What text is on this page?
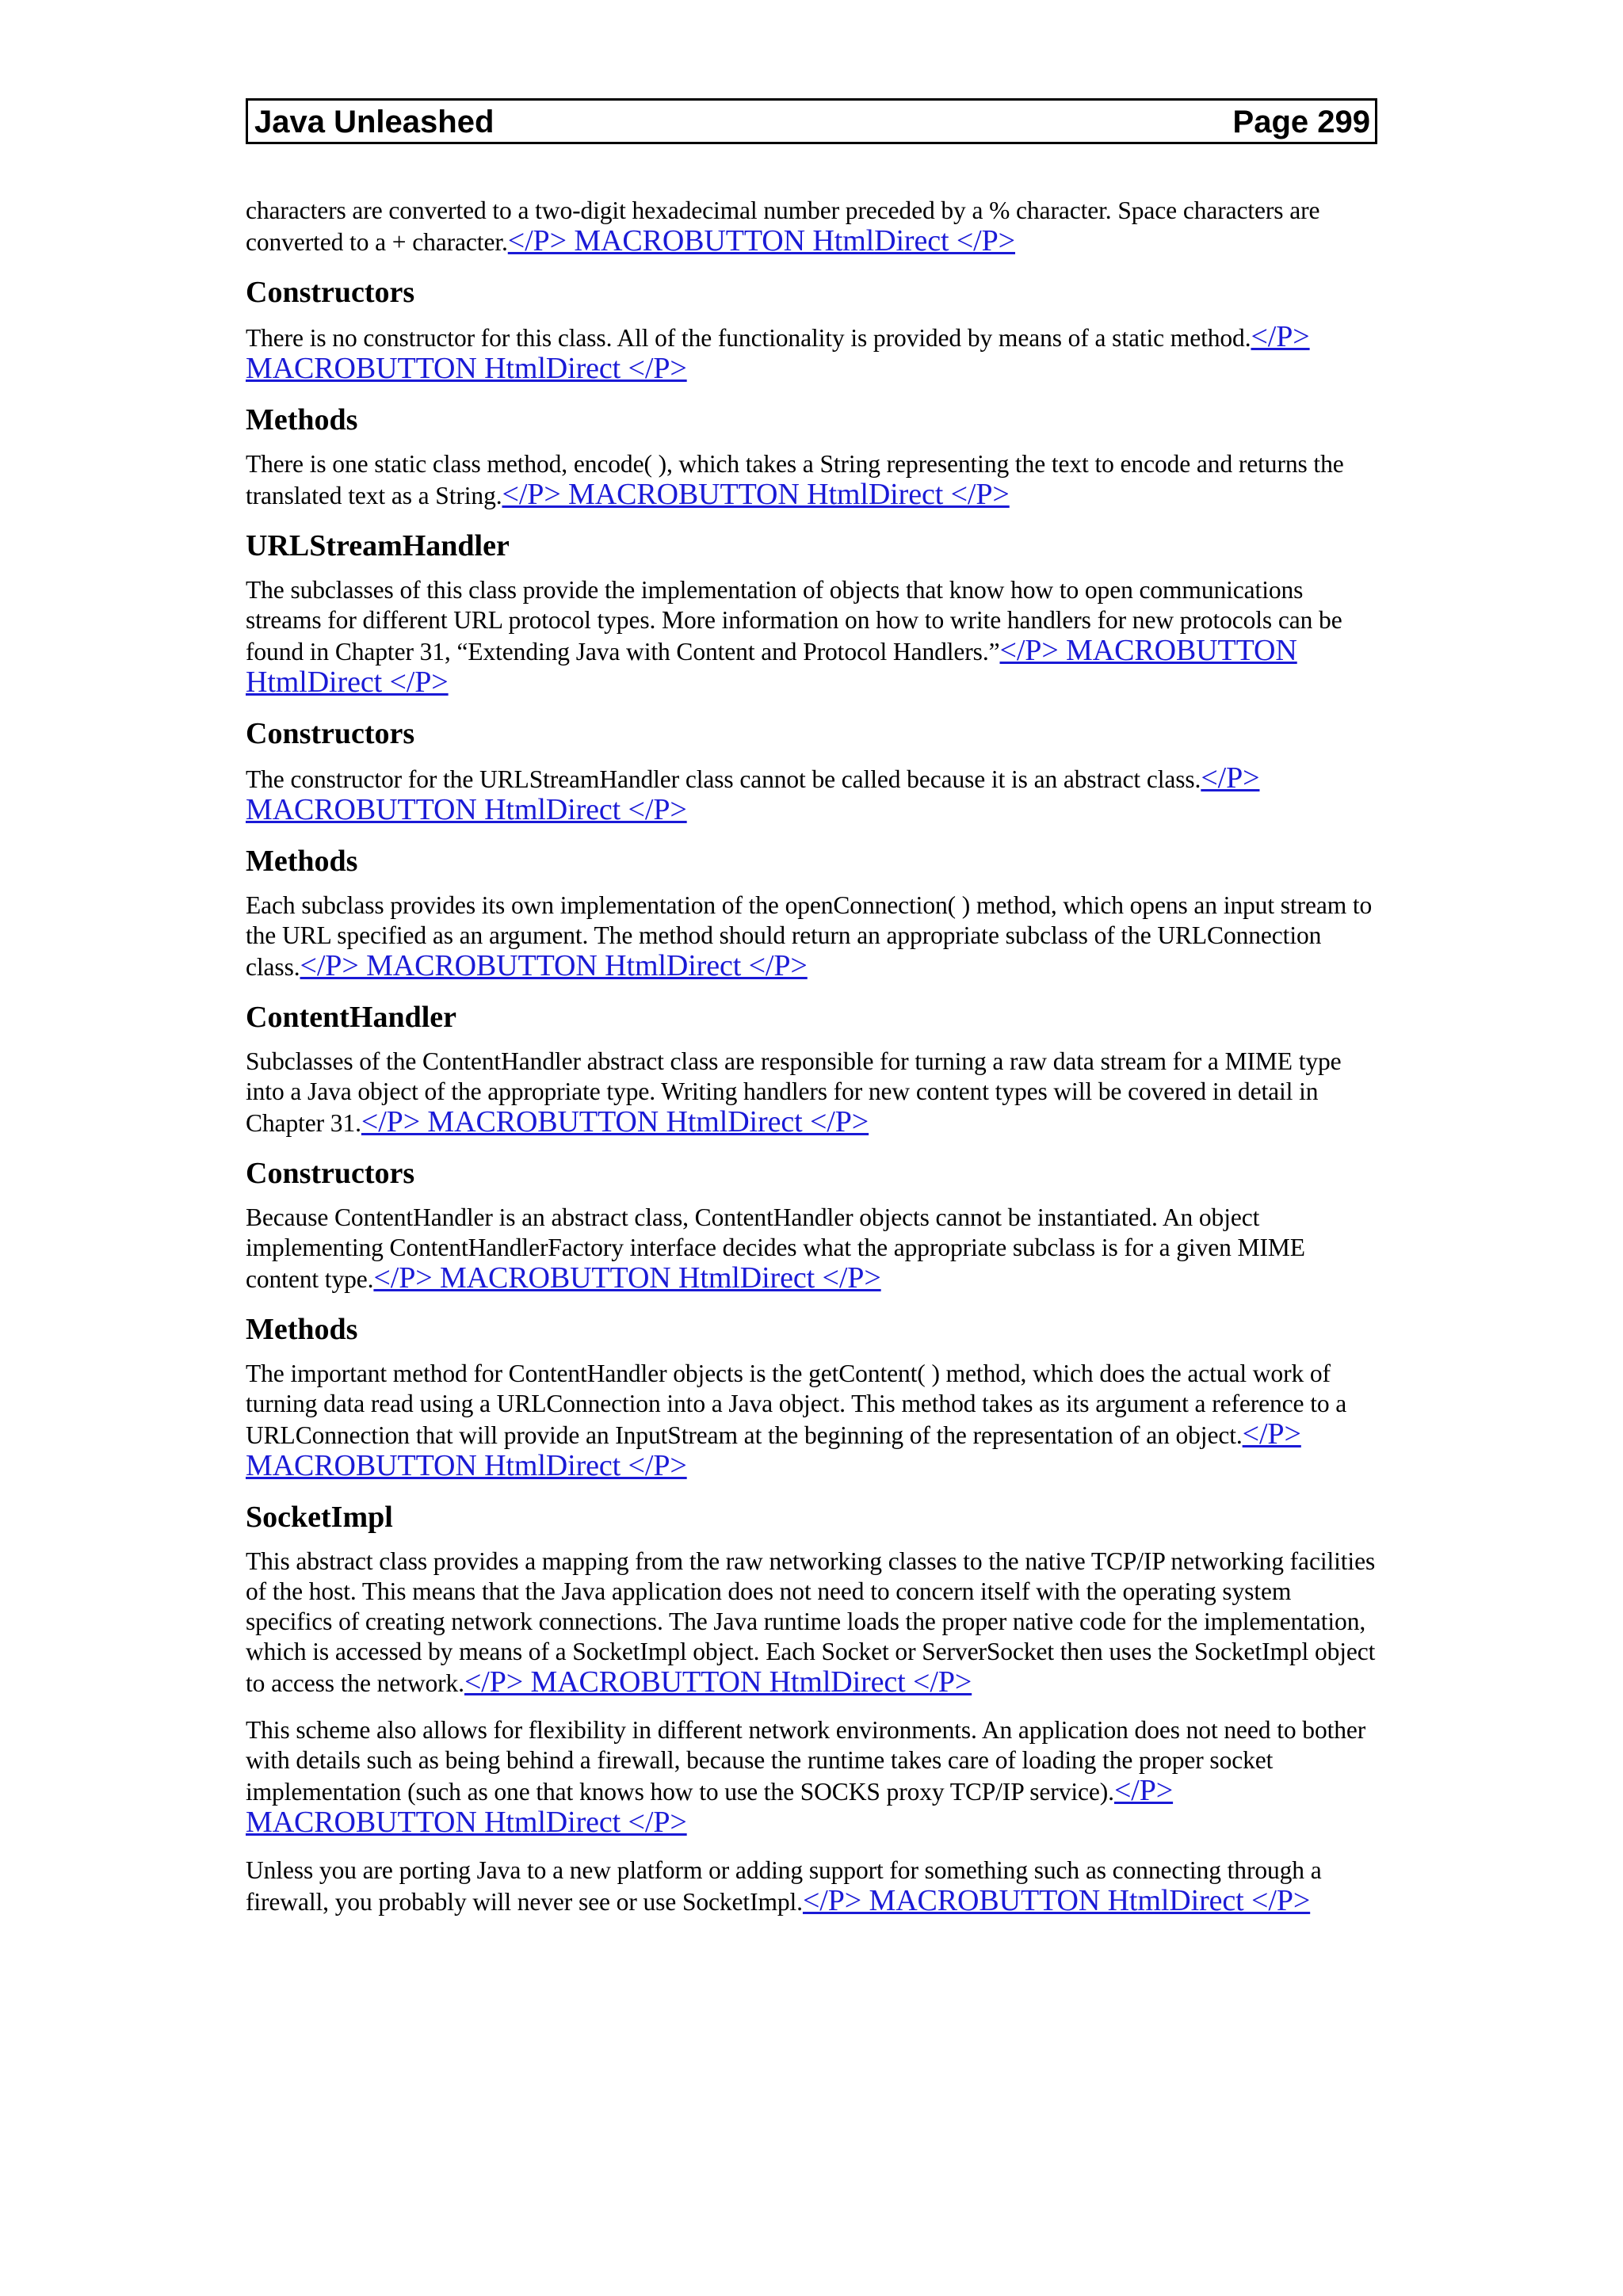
Java Unleashed	Page 299

characters are converted to a two-digit hexadecimal number preceded by a % character. Space characters are converted to a + character.</P> MACROBUTTON HtmlDirect </P>

Constructors

There is no constructor for this class. All of the functionality is provided by means of a static method.</P> MACROBUTTON HtmlDirect </P>

Methods

There is one static class method, encode( ), which takes a String representing the text to encode and returns the translated text as a String.</P> MACROBUTTON HtmlDirect </P>

URLStreamHandler

The subclasses of this class provide the implementation of objects that know how to open communications streams for different URL protocol types. More information on how to write handlers for new protocols can be found in Chapter 31, “Extending Java with Content and Protocol Handlers.”</P> MACROBUTTON HtmlDirect </P>

Constructors

The constructor for the URLStreamHandler class cannot be called because it is an abstract class.</P> MACROBUTTON HtmlDirect </P>

Methods

Each subclass provides its own implementation of the openConnection( ) method, which opens an input stream to the URL specified as an argument. The method should return an appropriate subclass of the URLConnection class.</P> MACROBUTTON HtmlDirect </P>

ContentHandler

Subclasses of the ContentHandler abstract class are responsible for turning a raw data stream for a MIME type into a Java object of the appropriate type. Writing handlers for new content types will be covered in detail in Chapter 31.</P> MACROBUTTON HtmlDirect </P>

Constructors

Because ContentHandler is an abstract class, ContentHandler objects cannot be instantiated. An object implementing ContentHandlerFactory interface decides what the appropriate subclass is for a given MIME content type.</P> MACROBUTTON HtmlDirect </P>

Methods

The important method for ContentHandler objects is the getContent( ) method, which does the actual work of turning data read using a URLConnection into a Java object. This method takes as its argument a reference to a URLConnection that will provide an InputStream at the beginning of the representation of an object.</P> MACROBUTTON HtmlDirect </P>

SocketImpl

This abstract class provides a mapping from the raw networking classes to the native TCP/IP networking facilities of the host. This means that the Java application does not need to concern itself with the operating system specifics of creating network connections. The Java runtime loads the proper native code for the implementation, which is accessed by means of a SocketImpl object. Each Socket or ServerSocket then uses the SocketImpl object to access the network.</P> MACROBUTTON HtmlDirect </P>

This scheme also allows for flexibility in different network environments. An application does not need to bother with details such as being behind a firewall, because the runtime takes care of loading the proper socket implementation (such as one that knows how to use the SOCKS proxy TCP/IP service).</P> MACROBUTTON HtmlDirect </P>

Unless you are porting Java to a new platform or adding support for something such as connecting through a firewall, you probably will never see or use SocketImpl.</P> MACROBUTTON HtmlDirect </P>
